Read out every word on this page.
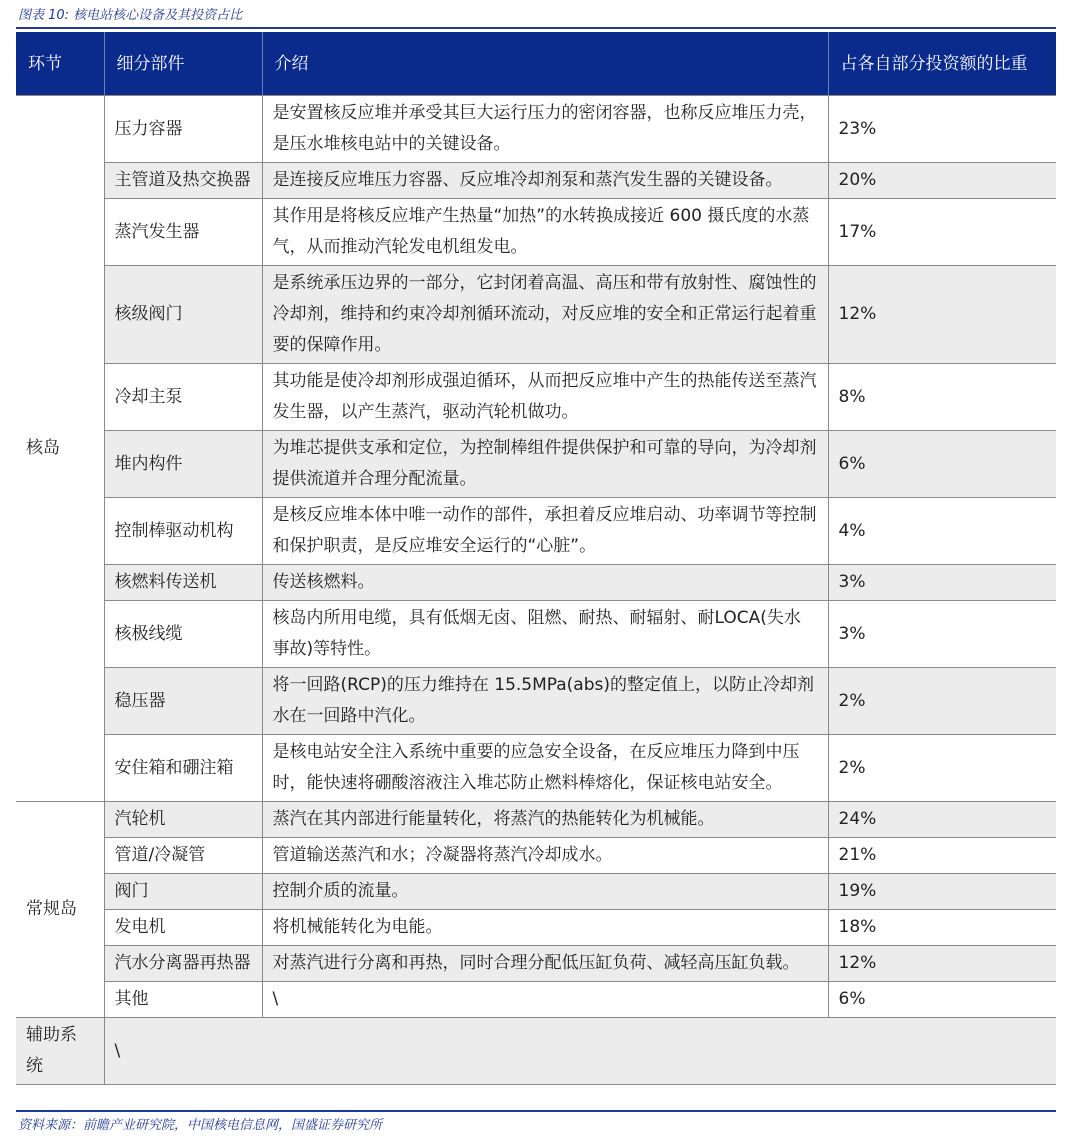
图表 10: 核电站核心设备及其投资占比
环节	细分部件	介绍	占各自部分投资额的比重
核岛	压力容器	是安置核反应堆并承受其巨大运行压力的密闭容器，也称反应堆压力壳，是压水堆核电站中的关键设备。	23%
	主管道及热交换器	是连接反应堆压力容器、反应堆冷却剂泵和蒸汽发生器的关键设备。	20%
	蒸汽发生器	其作用是将核反应堆产生热量“加热”的水转换成接近 600 摄氏度的水蒸气，从而推动汽轮发电机组发电。	17%
	核级阀门	是系统承压边界的一部分，它封闭着高温、高压和带有放射性、腐蚀性的冷却剂，维持和约束冷却剂循环流动，对反应堆的安全和正常运行起着重要的保障作用。	12%
	冷却主泵	其功能是使冷却剂形成强迫循环，从而把反应堆中产生的热能传送至蒸汽发生器，以产生蒸汽，驱动汽轮机做功。	8%
	堆内构件	为堆芯提供支承和定位，为控制棒组件提供保护和可靠的导向，为冷却剂提供流道并合理分配流量。	6%
	控制棒驱动机构	是核反应堆本体中唯一动作的部件，承担着反应堆启动、功率调节等控制和保护职责，是反应堆安全运行的“心脏”。	4%
	核燃料传送机	传送核燃料。	3%
	核极线缆	核岛内所用电缆，具有低烟无卤、阻燃、耐热、耐辐射、耐LOCA(失水事故)等特性。	3%
	稳压器	将一回路(RCP)的压力维持在 15.5MPa(abs)的整定值上，以防止冷却剂水在一回路中汽化。	2%
	安住箱和硼注箱	是核电站安全注入系统中重要的应急安全设备，在反应堆压力降到中压时，能快速将硼酸溶液注入堆芯防止燃料棒熔化，保证核电站安全。	2%
常规岛	汽轮机	蒸汽在其内部进行能量转化，将蒸汽的热能转化为机械能。	24%
	管道/冷凝管	管道输送蒸汽和水；冷凝器将蒸汽冷却成水。	21%
	阀门	控制介质的流量。	19%
	发电机	将机械能转化为电能。	18%
	汽水分离器再热器	对蒸汽进行分离和再热，同时合理分配低压缸负荷、减轻高压缸负载。	12%
	其他	\	6%
辅助系统	\		
资料来源：前瞻产业研究院，中国核电信息网，国盛证券研究所
